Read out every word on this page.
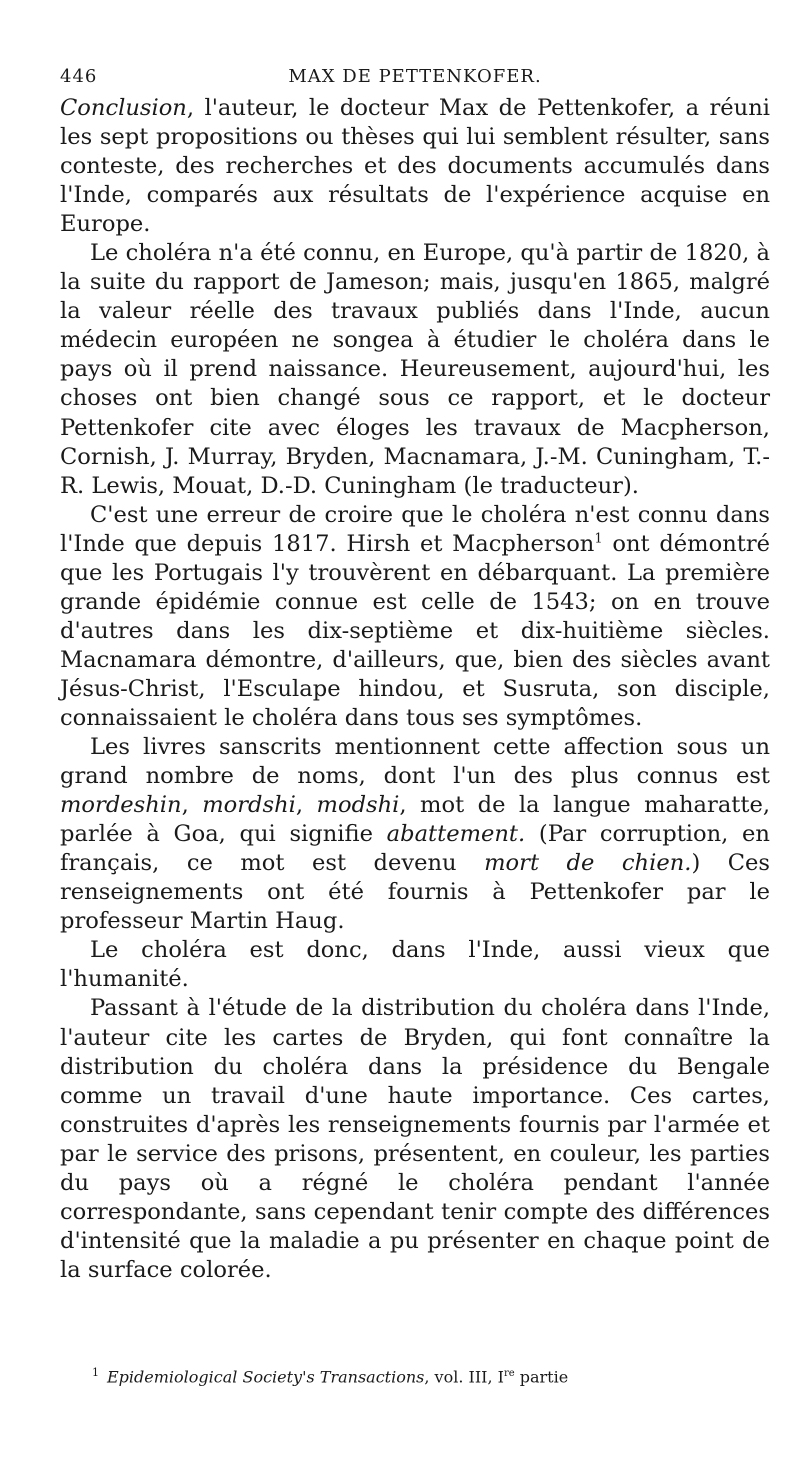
446	MAX DE PETTENKOFER.

Conclusion, l'auteur, le docteur Max de Pettenkofer, a réuni les sept propositions ou thèses qui lui semblent résulter, sans conteste, des recherches et des documents accumulés dans l'Inde, comparés aux résultats de l'expérience acquise en Europe.

Le choléra n'a été connu, en Europe, qu'à partir de 1820, à la suite du rapport de Jameson; mais, jusqu'en 1865, malgré la valeur réelle des travaux publiés dans l'Inde, aucun médecin européen ne songea à étudier le choléra dans le pays où il prend naissance. Heureusement, aujourd'hui, les choses ont bien changé sous ce rapport, et le docteur Pettenkofer cite avec éloges les travaux de Macpherson, Cornish, J. Murray, Bryden, Macnamara, J.-M. Cuningham, T.-R. Lewis, Mouat, D.-D. Cuningham (le traducteur).

C'est une erreur de croire que le choléra n'est connu dans l'Inde que depuis 1817. Hirsh et Macpherson$^1$ ont démontré que les Portugais l'y trouvèrent en débarquant. La première grande épidémie connue est celle de 1543; on en trouve d'autres dans les dix-septième et dix-huitième siècles. Macnamara démontre, d'ailleurs, que, bien des siècles avant Jésus-Christ, l'Esculape hindou, et Susruta, son disciple, connaissaient le choléra dans tous ses symptômes.

Les livres sanscrits mentionnent cette affection sous un grand nombre de noms, dont l'un des plus connus est mordeshin, mordshi, modshi, mot de la langue maharatte, parlée à Goa, qui signifie abattement. (Par corruption, en français, ce mot est devenu mort de chien.) Ces renseignements ont été fournis à Pettenkofer par le professeur Martin Haug.

Le choléra est donc, dans l'Inde, aussi vieux que l'humanité.

Passant à l'étude de la distribution du choléra dans l'Inde, l'auteur cite les cartes de Bryden, qui font connaître la distribution du choléra dans la présidence du Bengale comme un travail d'une haute importance. Ces cartes, construites d'après les renseignements fournis par l'armée et par le service des prisons, présentent, en couleur, les parties du pays où a régné le choléra pendant l'année correspondante, sans cependant tenir compte des différences d'intensité que la maladie a pu présenter en chaque point de la surface colorée.

$^1$ Epidemiological Society's Transactions, vol. III, Ire partie
